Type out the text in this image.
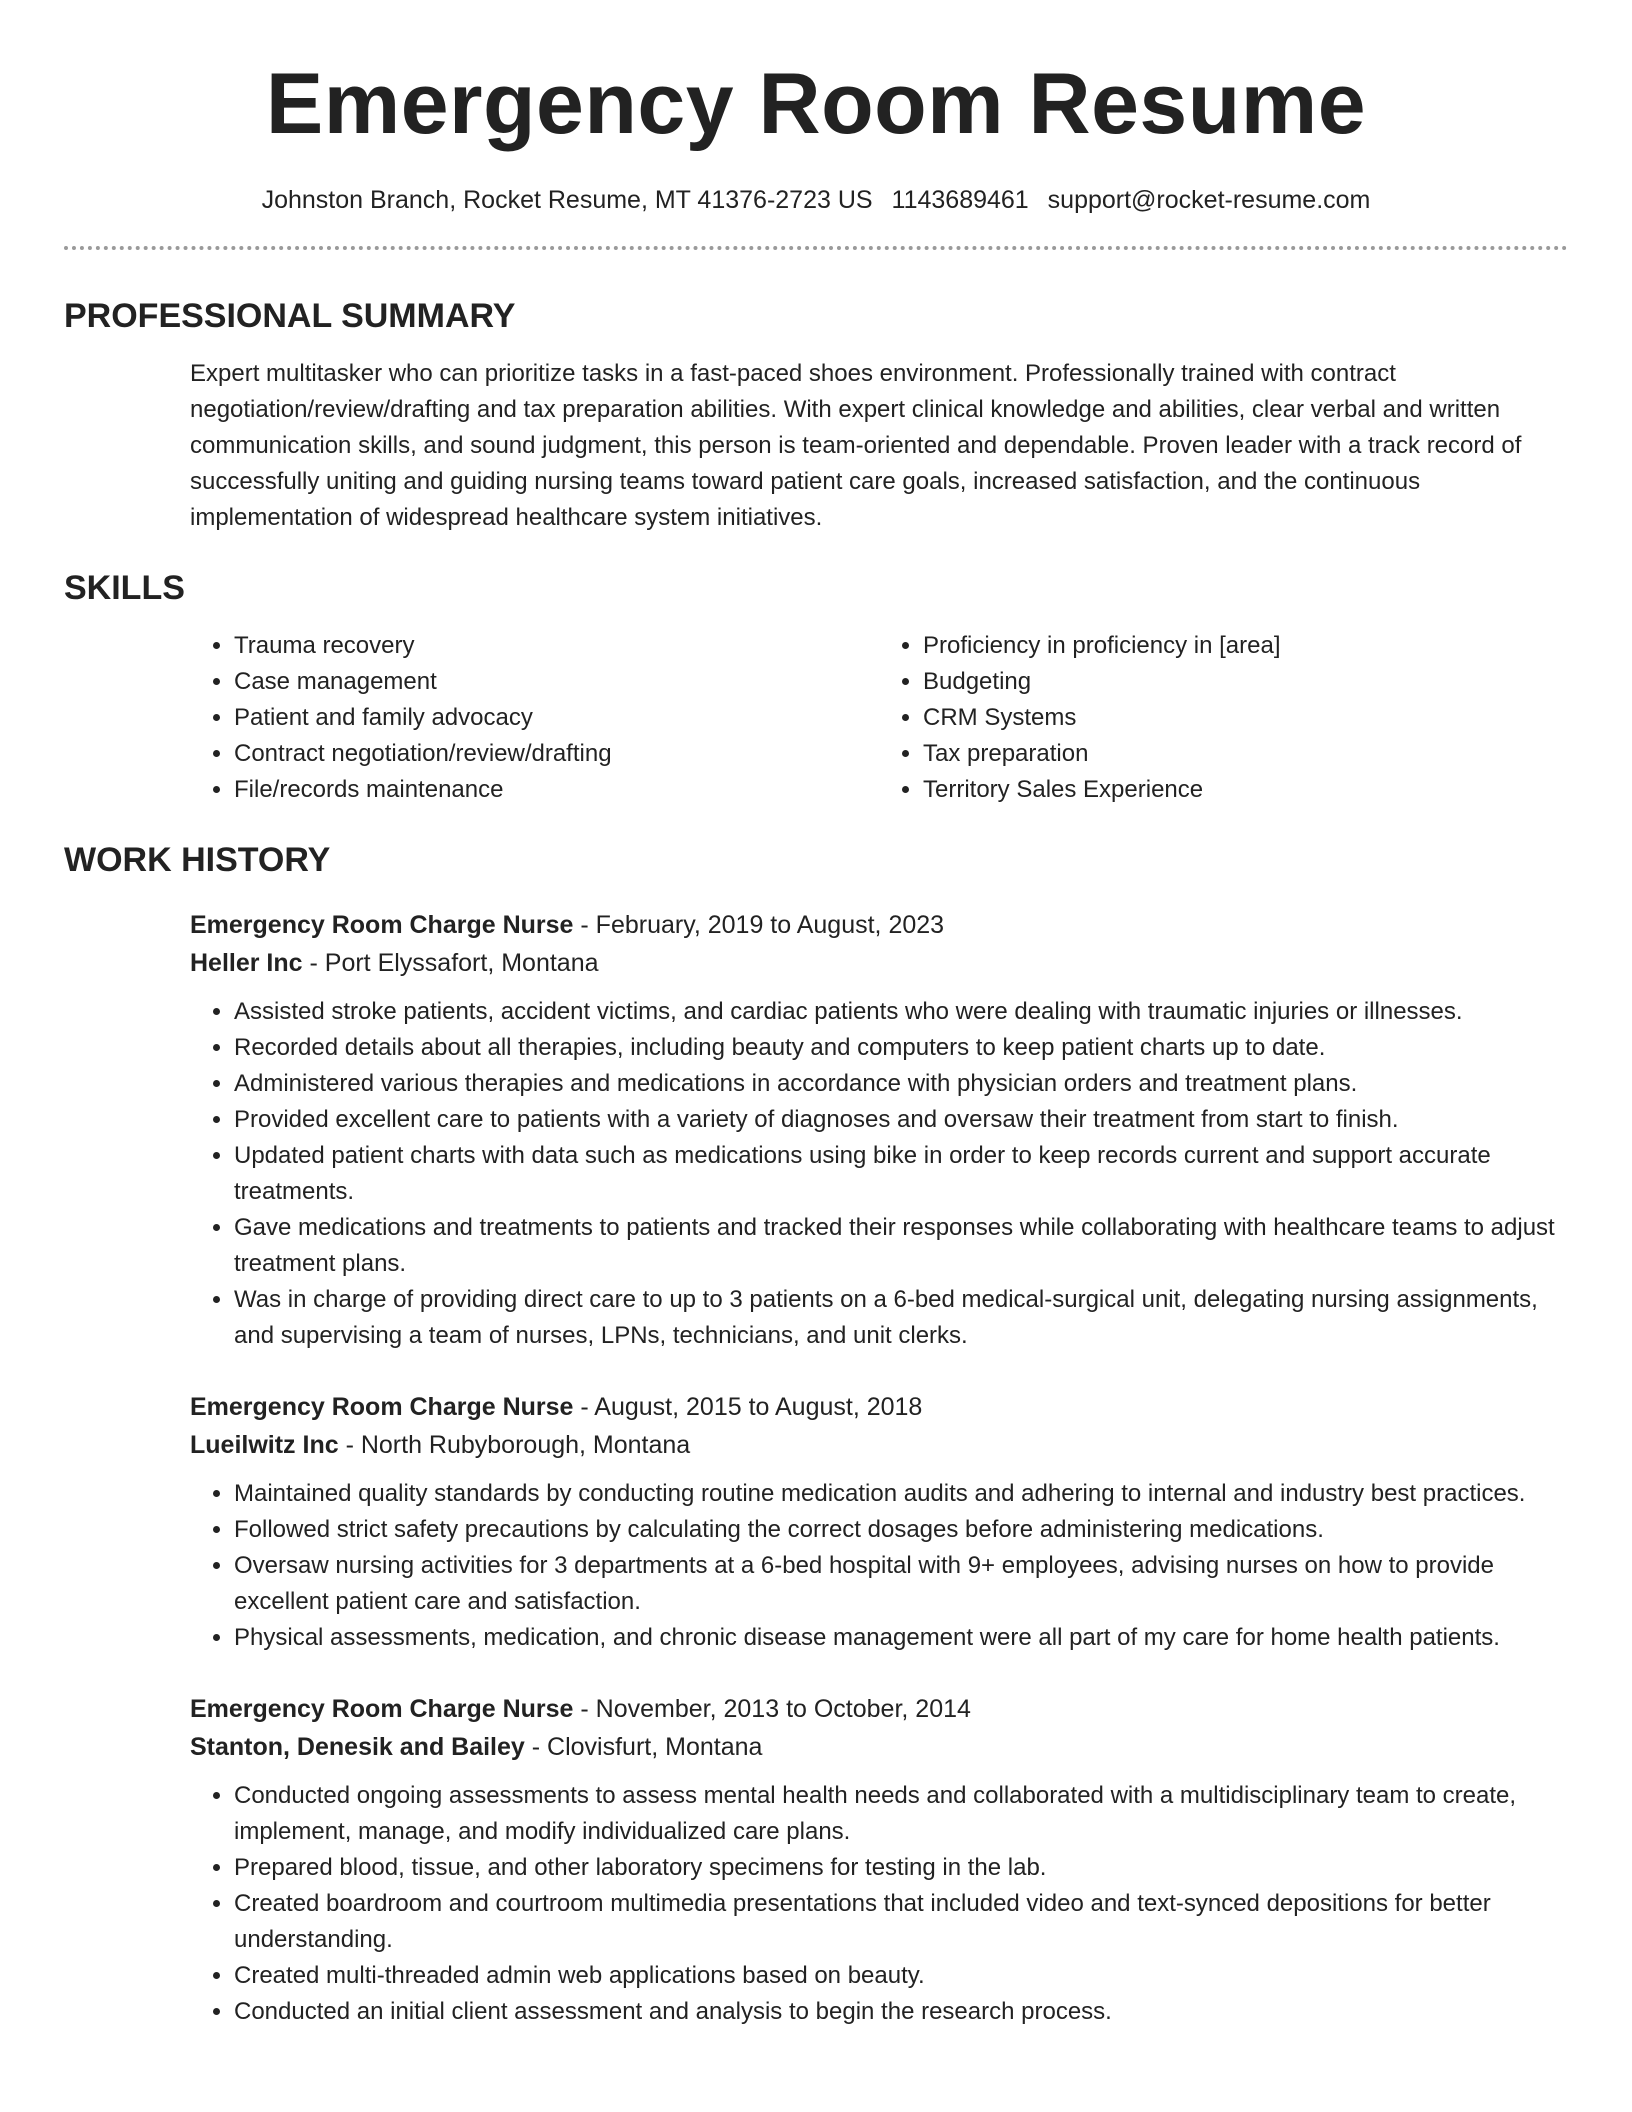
Emergency Room Resume
Johnston Branch, Rocket Resume, MT 41376-2723 US 1143689461 support@rocket-resume.com
PROFESSIONAL SUMMARY

Expert multitasker who can prioritize tasks in a fast-paced shoes environment. Professionally trained with contract negotiation/review/drafting and tax preparation abilities. With expert clinical knowledge and abilities, clear verbal and written communication skills, and sound judgment, this person is team-oriented and dependable. Proven leader with a track record of successfully uniting and guiding nursing teams toward patient care goals, increased satisfaction, and the continuous implementation of widespread healthcare system initiatives.

SKILLS
• Trauma recovery
• Case management
• Patient and family advocacy
• Contract negotiation/review/drafting
• File/records maintenance
• Proficiency in proficiency in [area]
• Budgeting
• CRM Systems
• Tax preparation
• Territory Sales Experience
WORK HISTORY
Emergency Room Charge Nurse - February, 2019 to August, 2023
Heller Inc - Port Elyssafort, Montana
• Assisted stroke patients, accident victims, and cardiac patients who were dealing with traumatic injuries or illnesses.
• Recorded details about all therapies, including beauty and computers to keep patient charts up to date.
• Administered various therapies and medications in accordance with physician orders and treatment plans.
• Provided excellent care to patients with a variety of diagnoses and oversaw their treatment from start to finish.
• Updated patient charts with data such as medications using bike in order to keep records current and support accurate treatments.
• Gave medications and treatments to patients and tracked their responses while collaborating with healthcare teams to adjust treatment plans.
• Was in charge of providing direct care to up to 3 patients on a 6-bed medical-surgical unit, delegating nursing assignments, and supervising a team of nurses, LPNs, technicians, and unit clerks.
Emergency Room Charge Nurse - August, 2015 to August, 2018
Lueilwitz Inc - North Rubyborough, Montana
• Maintained quality standards by conducting routine medication audits and adhering to internal and industry best practices.
• Followed strict safety precautions by calculating the correct dosages before administering medications.
• Oversaw nursing activities for 3 departments at a 6-bed hospital with 9+ employees, advising nurses on how to provide excellent patient care and satisfaction.
• Physical assessments, medication, and chronic disease management were all part of my care for home health patients.
Emergency Room Charge Nurse - November, 2013 to October, 2014
Stanton, Denesik and Bailey - Clovisfurt, Montana
• Conducted ongoing assessments to assess mental health needs and collaborated with a multidisciplinary team to create, implement, manage, and modify individualized care plans.
• Prepared blood, tissue, and other laboratory specimens for testing in the lab.
• Created boardroom and courtroom multimedia presentations that included video and text-synced depositions for better understanding.
• Created multi-threaded admin web applications based on beauty.
• Conducted an initial client assessment and analysis to begin the research process.
